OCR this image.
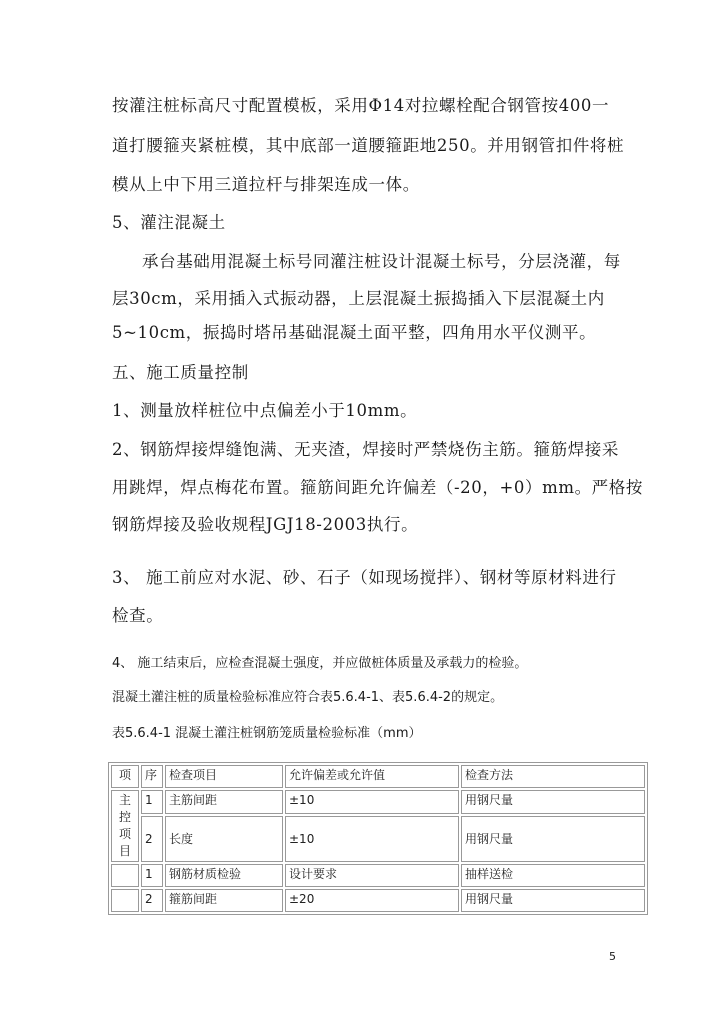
按灌注桩标高尺寸配置模板，采用Φ14对拉螺栓配合钢管按400一
道打腰箍夹紧桩模，其中底部一道腰箍距地250。并用钢管扣件将桩
模从上中下用三道拉杆与排架连成一体。
5、灌注混凝土
承台基础用混凝土标号同灌注桩设计混凝土标号，分层浇灌，每
层30cm，采用插入式振动器，上层混凝土振捣插入下层混凝土内
5~10cm，振捣时塔吊基础混凝土面平整，四角用水平仪测平。
五、施工质量控制
1、测量放样桩位中点偏差小于10mm。
2、钢筋焊接焊缝饱满、无夹渣，焊接时严禁烧伤主筋。箍筋焊接采
用跳焊，焊点梅花布置。箍筋间距允许偏差（-20，+0）mm。严格按
钢筋焊接及验收规程JGJ18-2003执行。
3、 施工前应对水泥、砂、石子（如现场搅拌）、钢材等原材料进行
检查。
4、 施工结束后，应检查混凝土强度，并应做桩体质量及承载力的检验。
混凝土灌注桩的质量检验标准应符合表5.6.4-1、表5.6.4-2的规定。
表5.6.4-1 混凝土灌注桩钢筋笼质量检验标准（mm）
项	序	检查项目	允许偏差或允许值	检查方法
主控项目	1	主筋间距	±10	用钢尺量
	2	长度	±10	用钢尺量
	1	钢筋材质检验	设计要求	抽样送检
	2	箍筋间距	±20	用钢尺量
5
